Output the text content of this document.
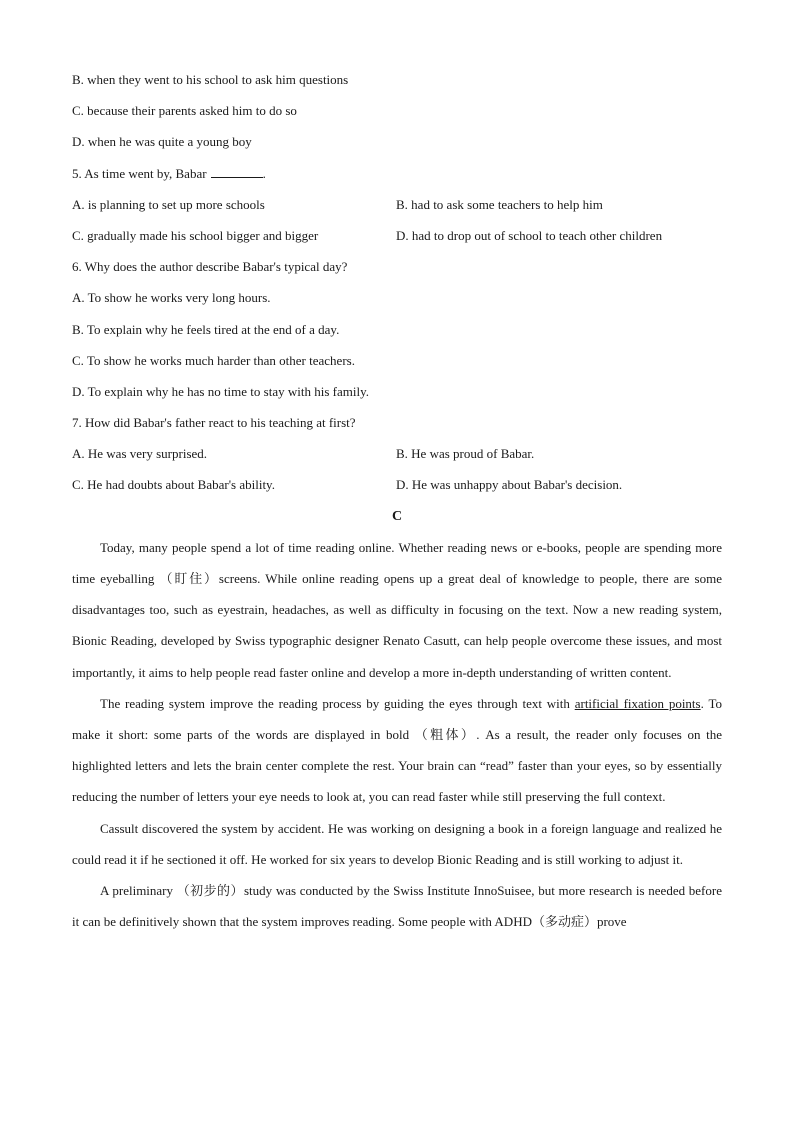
B. when they went to his school to ask him questions
C. because their parents asked him to do so
D. when he was quite a young boy
5. As time went by, Babar	.
A. is planning to set up more schools	B. had to ask some teachers to help him
C. gradually made his school bigger and bigger	D. had to drop out of school to teach other children
6. Why does the author describe Babar's typical day?
A. To show he works very long hours.
B. To explain why he feels tired at the end of a day.
C. To show he works much harder than other teachers.
D. To explain why he has no time to stay with his family.
7. How did Babar's father react to his teaching at first?
A. He was very surprised.	B. He was proud of Babar.
C. He had doubts about Babar's ability.	D. He was unhappy about Babar's decision.
C

Today, many people spend a lot of time reading online. Whether reading news or e-books, people are spending more time eyeballing （盯住）screens. While online reading opens up a great deal of knowledge to people, there are some disadvantages too, such as eyestrain, headaches, as well as difficulty in focusing on the text. Now a new reading system, Bionic Reading, developed by Swiss typographic designer Renato Casutt, can help people overcome these issues, and most importantly, it aims to help people read faster online and develop a more in-depth understanding of written content.

The reading system improve the reading process by guiding the eyes through text with artificial fixation points. To make it short: some parts of the words are displayed in bold （粗体）. As a result, the reader only focuses on the highlighted letters and lets the brain center complete the rest. Your brain can “read” faster than your eyes, so by essentially reducing the number of letters your eye needs to look at, you can read faster while still preserving the full context.

Cassult discovered the system by accident. He was working on designing a book in a foreign language and realized he could read it if he sectioned it off. He worked for six years to develop Bionic Reading and is still working to adjust it.

A preliminary （初步的）study was conducted by the Swiss Institute InnoSuisee, but more research is needed before it can be definitively shown that the system improves reading. Some people with ADHD（多动症）prove
